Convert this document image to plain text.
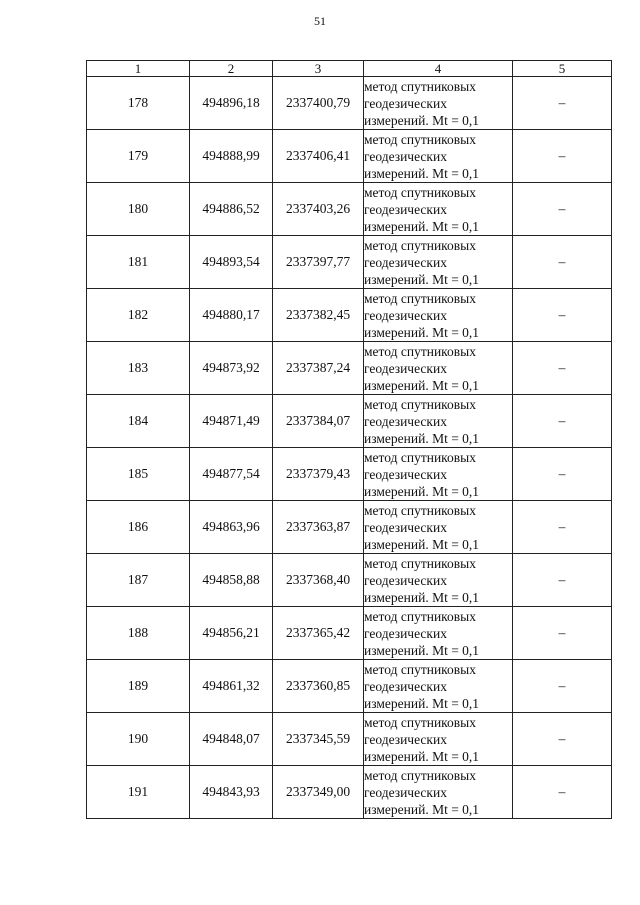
51
1	2	3	4	5
178	494896,18	2337400,79	метод спутниковых
геодезических
измерений. Mt = 0,1	–
179	494888,99	2337406,41	метод спутниковых
геодезических
измерений. Mt = 0,1	–
180	494886,52	2337403,26	метод спутниковых
геодезических
измерений. Mt = 0,1	–
181	494893,54	2337397,77	метод спутниковых
геодезических
измерений. Mt = 0,1	–
182	494880,17	2337382,45	метод спутниковых
геодезических
измерений. Mt = 0,1	–
183	494873,92	2337387,24	метод спутниковых
геодезических
измерений. Mt = 0,1	–
184	494871,49	2337384,07	метод спутниковых
геодезических
измерений. Mt = 0,1	–
185	494877,54	2337379,43	метод спутниковых
геодезических
измерений. Mt = 0,1	–
186	494863,96	2337363,87	метод спутниковых
геодезических
измерений. Mt = 0,1	–
187	494858,88	2337368,40	метод спутниковых
геодезических
измерений. Mt = 0,1	–
188	494856,21	2337365,42	метод спутниковых
геодезических
измерений. Mt = 0,1	–
189	494861,32	2337360,85	метод спутниковых
геодезических
измерений. Mt = 0,1	–
190	494848,07	2337345,59	метод спутниковых
геодезических
измерений. Mt = 0,1	–
191	494843,93	2337349,00	метод спутниковых
геодезических
измерений. Mt = 0,1	–
